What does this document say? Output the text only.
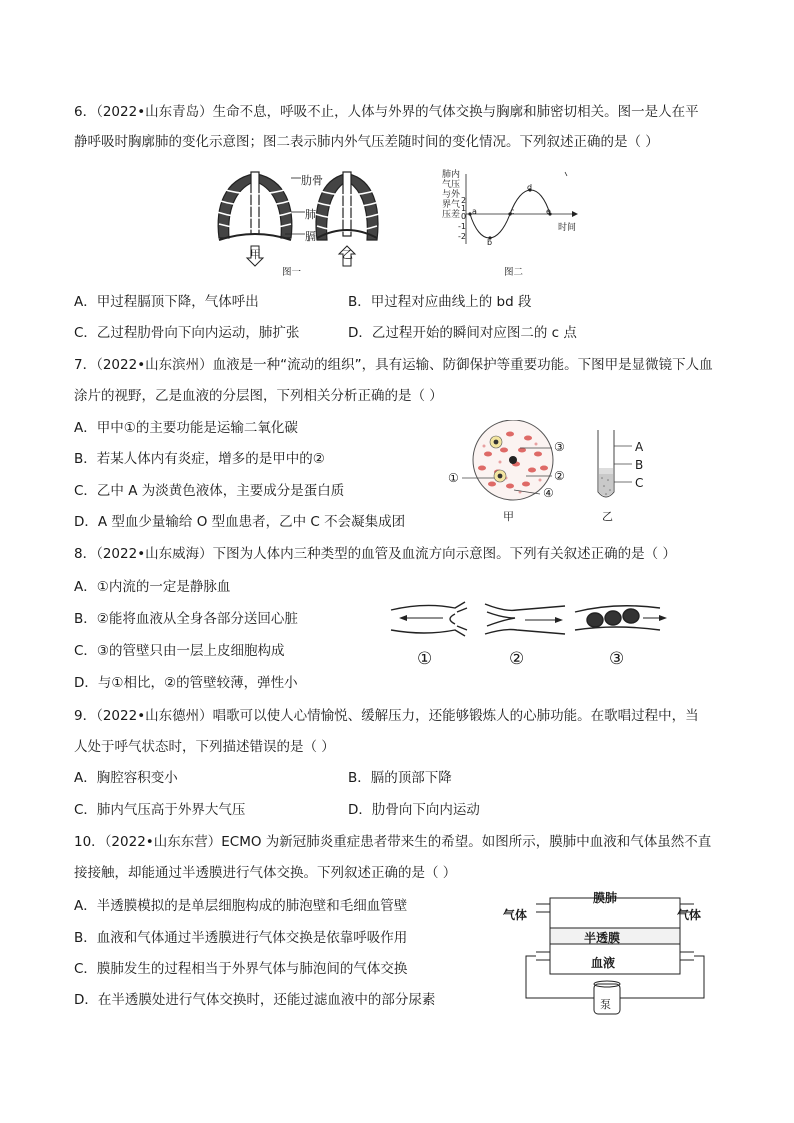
6．（2022•山东青岛）生命不息，呼吸不止，人体与外界的气体交换与胸廓和肺密切相关。图一是人在平
静呼吸时胸廓肺的变化示意图；图二表示肺内外气压差随时间的变化情况。下列叙述正确的是（ ）
肋骨
肺
膈
甲	乙
图一
肺内
气压
与外
界气
压差
时间
2
1
0
-1
-2
a
b
c
d
e
图二
A．甲过程膈顶下降，气体呼出	B．甲过程对应曲线上的 bd 段
C．乙过程肋骨向下向内运动，肺扩张	D．乙过程开始的瞬间对应图二的 c 点
7．（2022•山东滨州）血液是一种“流动的组织”，具有运输、防御保护等重要功能。下图甲是显微镜下人血
涂片的视野，乙是血液的分层图，下列相关分析正确的是（ ）
A．甲中①的主要功能是运输二氧化碳
B．若某人体内有炎症，增多的是甲中的②
C．乙中 A 为淡黄色液体，主要成分是蛋白质
D．A 型血少量输给 O 型血患者，乙中 C 不会凝集成团
③
②
①
④
甲	乙
A
B
C
8．（2022•山东威海）下图为人体内三种类型的血管及血流方向示意图。下列有关叙述正确的是（ ）
A．①内流的一定是静脉血
B．②能将血液从全身各部分送回心脏
C．③的管壁只由一层上皮细胞构成
D．与①相比，②的管壁较薄，弹性小
①	②	③
9．（2022•山东德州）唱歌可以使人心情愉悦、缓解压力，还能够锻炼人的心肺功能。在歌唱过程中，当
人处于呼气状态时，下列描述错误的是（ ）
A．胸腔容积变小	B．膈的顶部下降
C．肺内气压高于外界大气压	D．肋骨向下向内运动
10．（2022•山东东营）ECMO 为新冠肺炎重症患者带来生的希望。如图所示，膜肺中血液和气体虽然不直
接接触，却能通过半透膜进行气体交换。下列叙述正确的是（ ）
A．半透膜模拟的是单层细胞构成的肺泡壁和毛细血管壁
B．血液和气体通过半透膜进行气体交换是依靠呼吸作用
C．膜肺发生的过程相当于外界气体与肺泡间的气体交换
D．在半透膜处进行气体交换时，还能过滤血液中的部分尿素
膜肺
气体	气体
半透膜
血液
泵
